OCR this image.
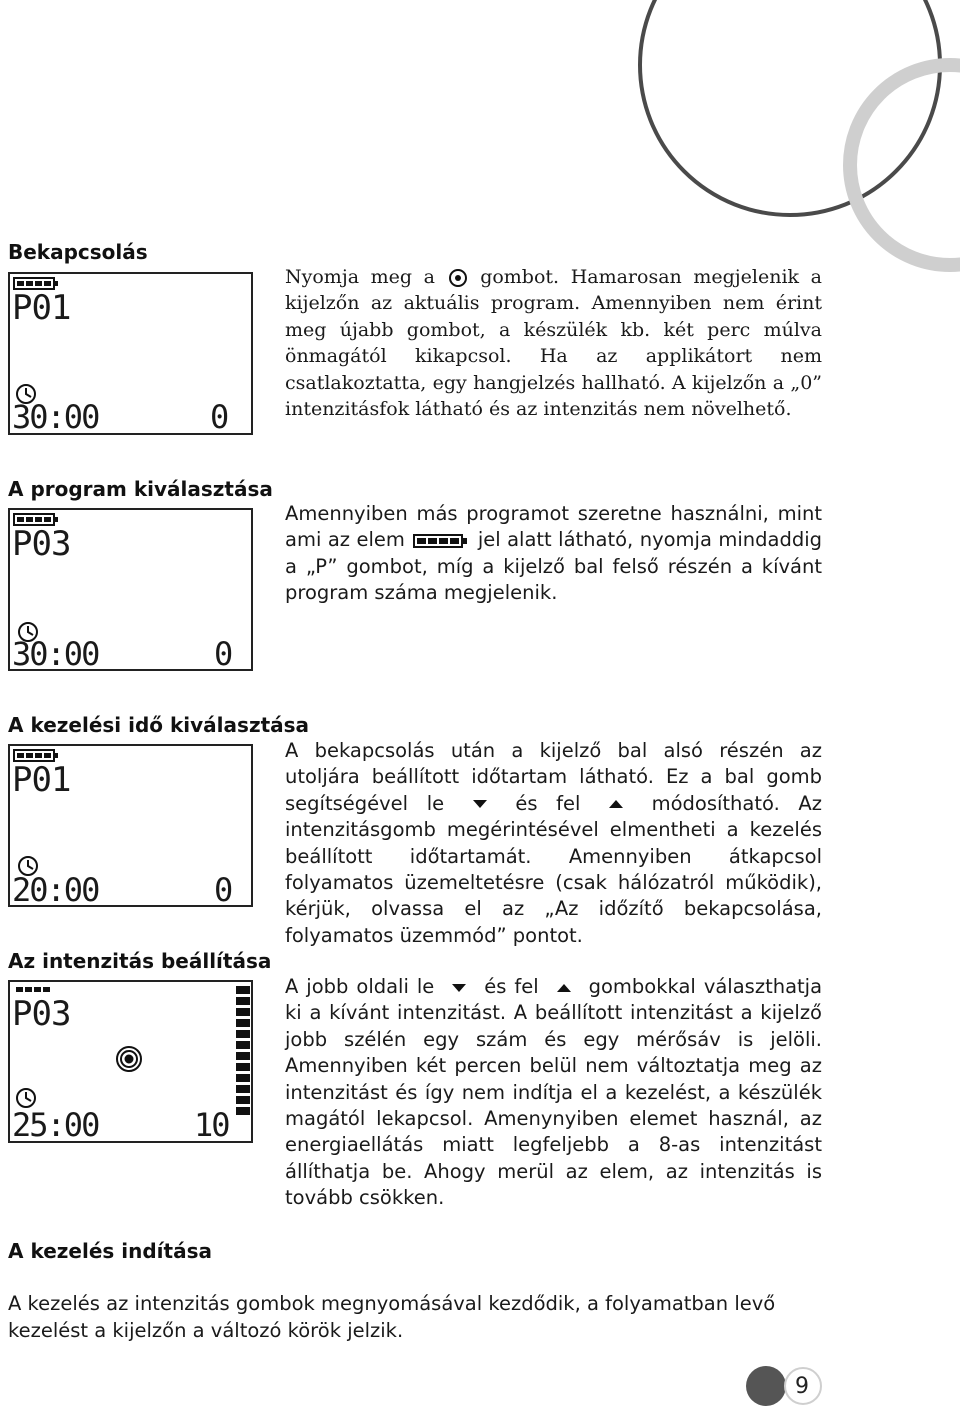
Bekapcsolás
P01
30:00	0

Nyomja meg a  gombot. Hamarosan megjelenik a kijelzőn az aktuális program. Amennyiben nem érint meg újabb gombot, a készülék kb. két perc múlva önmagától kikapcsol. Ha az applikátort nem csatlakoztatta, egy hangjelzés hallható. A kijelzőn a „0” intenzitásfok látható és az intenzitás nem növelhető.

A program kiválasztása
P03
30:00	0

Amennyiben más programot szeretne használni, mint ami az elem	jel alatt látható, nyomja mindaddig a „P” gombot, míg a kijelző bal felső részén a kívánt program száma megjelenik.

A kezelési idő kiválasztása
P01
20:00	0

A bekapcsolás után a kijelző bal alsó részén az utoljára beállított időtartam látható. Ez a bal gomb segítségével le	és fel	módosítható. Az intenzitásgomb megérintésével elmentheti a kezelés beállított időtartamát. Amennyiben átkapcsol folyamatos üzemeltetésre (csak hálózatról működik), kérjük, olvassa el az „Az időzítő bekapcsolása, folyamatos üzemmód” pontot.

Az intenzitás beállítása
P03
25:00	10

A jobb oldali le	és fel	gombokkal választhatja ki a kívánt intenzitást. A beállított intenzitást a kijelző jobb szélén egy szám és egy mérősáv is jelöli. Amennyiben két percen belül nem változtatja meg az intenzitást és így nem indítja el a kezelést, a készülék magától lekapcsol. Amenynyiben elemet használ, az energiaellátás miatt legfeljebb a 8-as intenzitást állíthatja be. Ahogy merül az elem, az intenzitás is tovább csökken.

A kezelés indítása
A kezelés az intenzitás gombok megnyomásával kezdődik, a folyamatban levő kezelést a kijelzőn a változó körök jelzik.
9
